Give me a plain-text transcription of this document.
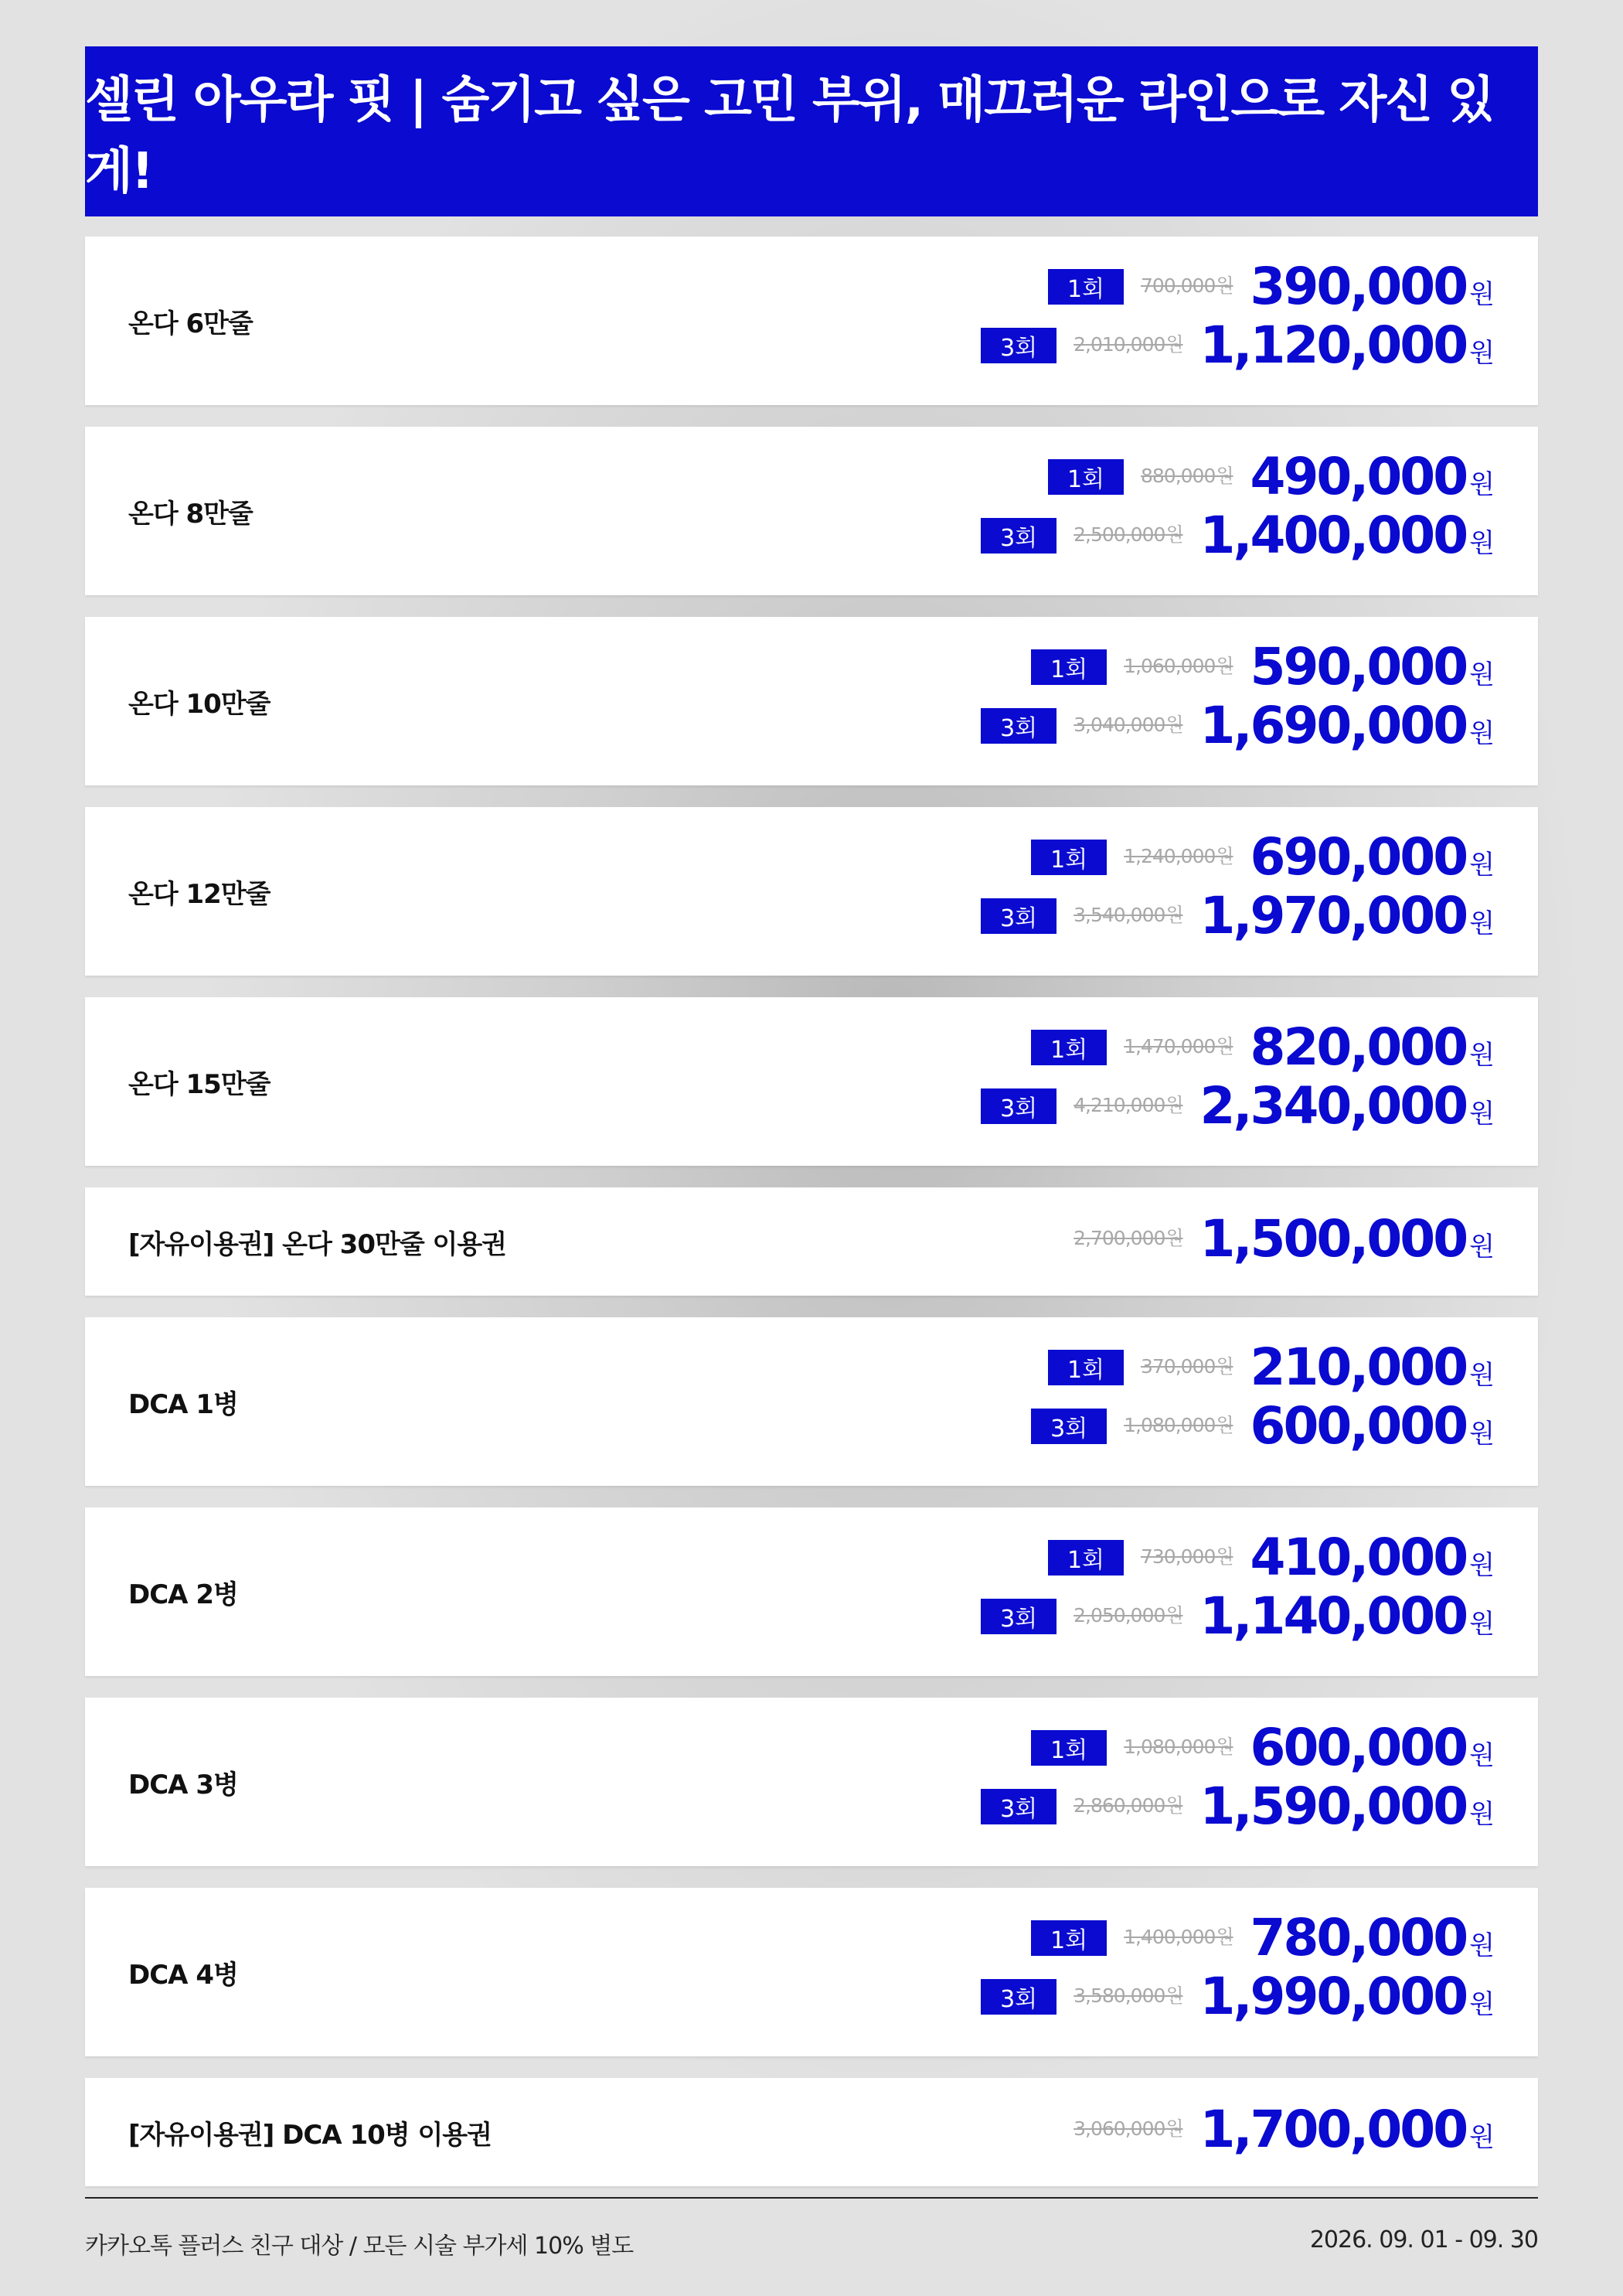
셀린 아우라 핏 | 숨기고 싶은 고민 부위, 매끄러운 라인으로 자신 있게!
온다 6만줄
1회	700,000원 390,000 원
3회	2,010,000원 1,120,000 원
온다 8만줄
1회	880,000원 490,000 원
3회	2,500,000원 1,400,000 원
온다 10만줄
1회	1,060,000원 590,000 원
3회	3,040,000원 1,690,000 원
온다 12만줄
1회	1,240,000원 690,000 원
3회	3,540,000원 1,970,000 원
온다 15만줄
1회	1,470,000원 820,000 원
3회	4,210,000원 2,340,000 원
[자유이용권] 온다 30만줄 이용권	2,700,000원 1,500,000 원
DCA 1병
1회	370,000원 210,000 원
3회	1,080,000원 600,000 원
DCA 2병
1회	730,000원 410,000 원
3회	2,050,000원 1,140,000 원
DCA 3병
1회	1,080,000원 600,000 원
3회	2,860,000원 1,590,000 원
DCA 4병
1회	1,400,000원 780,000 원
3회	3,580,000원 1,990,000 원
[자유이용권] DCA 10병 이용권	3,060,000원 1,700,000 원
카카오톡 플러스 친구 대상 / 모든 시술 부가세 10% 별도	2026. 09. 01 - 09. 30
